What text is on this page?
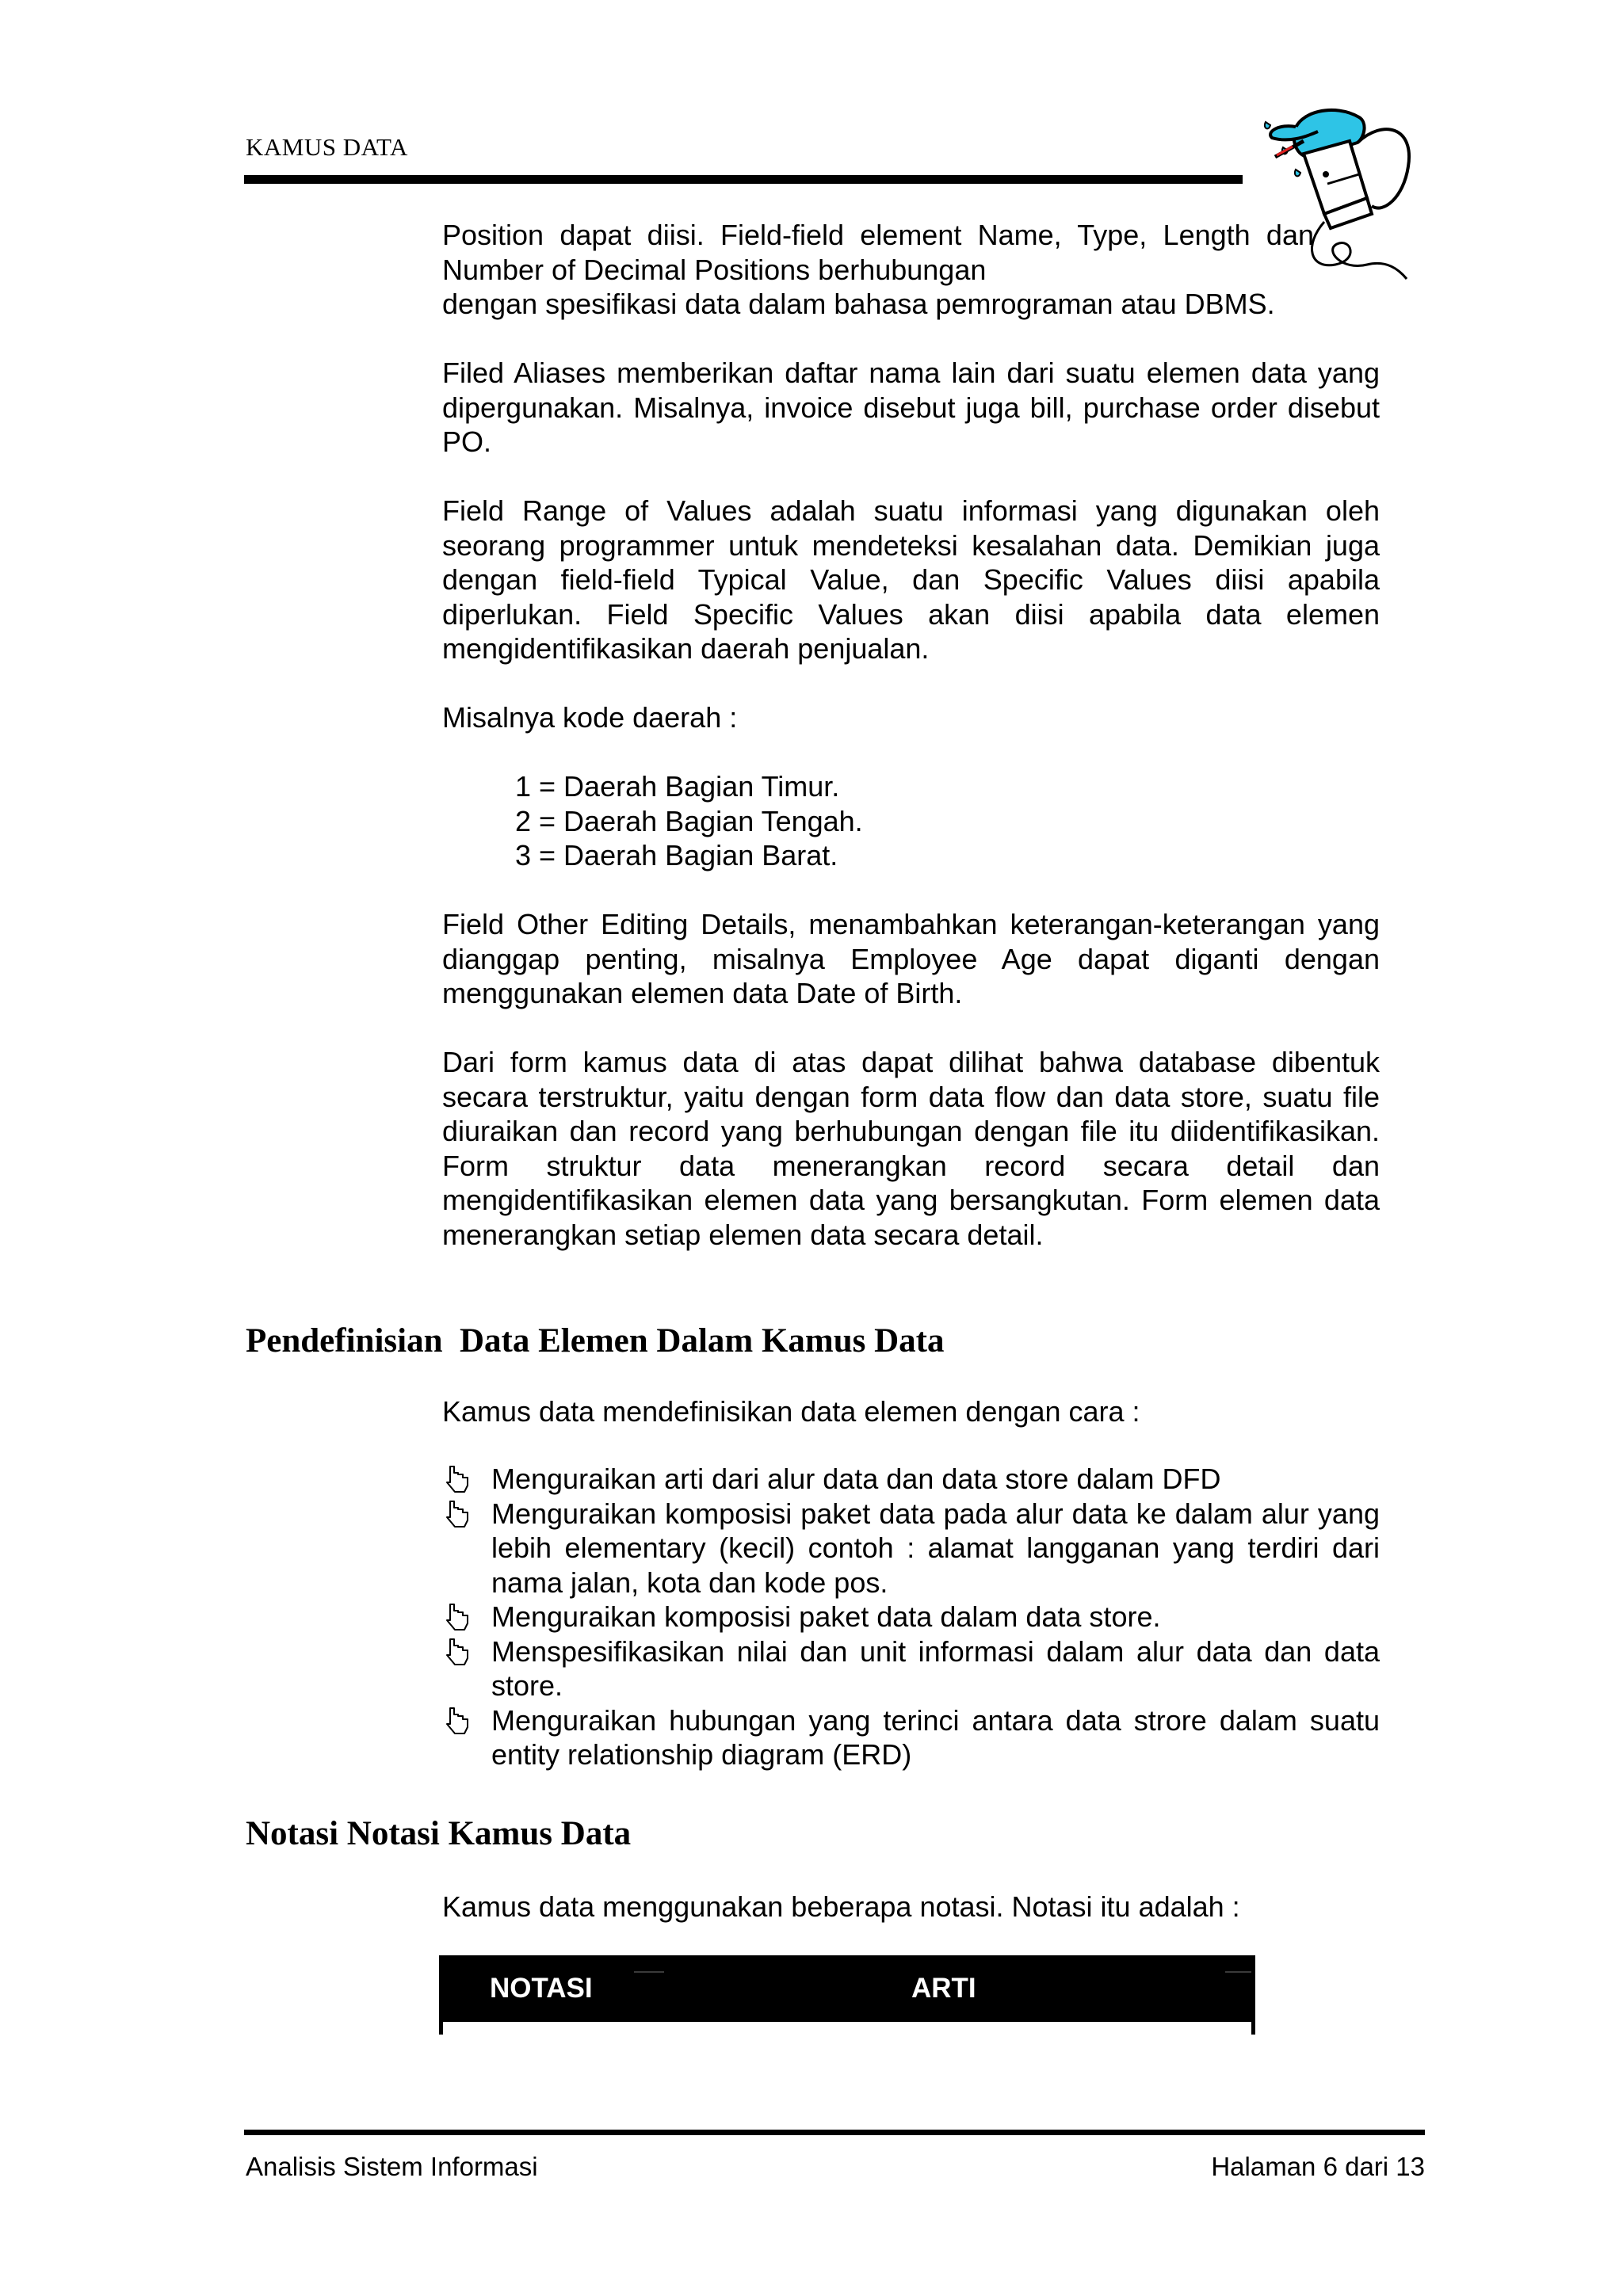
KAMUS DATA

Position dapat diisi. Field-field element Name, Type, Length dan Number of Decimal Positions berhubungan

dengan spesifikasi data dalam bahasa pemrograman atau DBMS.

Filed Aliases memberikan daftar nama lain dari suatu elemen data yang dipergunakan. Misalnya, invoice disebut juga bill, purchase order disebut PO.

Field Range of Values adalah suatu informasi yang digunakan oleh seorang programmer untuk mendeteksi kesalahan data. Demikian juga dengan field-field Typical Value, dan Specific Values diisi apabila diperlukan. Field Specific Values akan diisi apabila data elemen mengidentifikasikan daerah penjualan.

Misalnya kode daerah :

1 = Daerah Bagian Timur.
2 = Daerah Bagian Tengah.
3 = Daerah Bagian Barat.

Field Other Editing Details, menambahkan keterangan-keterangan yang dianggap penting, misalnya Employee Age dapat diganti dengan menggunakan elemen data Date of Birth.

Dari form kamus data di atas dapat dilihat bahwa database dibentuk secara terstruktur, yaitu dengan form data flow dan data store, suatu file diuraikan dan record yang berhubungan dengan file itu diidentifikasikan. Form struktur data menerangkan record secara detail dan mengidentifikasikan elemen data yang bersangkutan. Form elemen data menerangkan setiap elemen data secara detail.

Pendefinisian  Data Elemen Dalam Kamus Data

Kamus data mendefinisikan data elemen dengan cara :

Menguraikan arti dari alur data dan data store dalam DFD
Menguraikan komposisi paket data pada alur data ke dalam alur yang lebih elementary (kecil) contoh : alamat langganan yang terdiri dari nama jalan, kota dan kode pos.
Menguraikan komposisi paket data dalam data store.
Menspesifikasikan nilai dan unit informasi dalam alur data dan data store.
Menguraikan hubungan yang terinci antara data strore dalam suatu entity relationship diagram (ERD)
Notasi Notasi Kamus Data

Kamus data menggunakan beberapa notasi. Notasi itu adalah :

NOTASI	ARTI
Analisis Sistem Informasi	Halaman 6 dari 13
